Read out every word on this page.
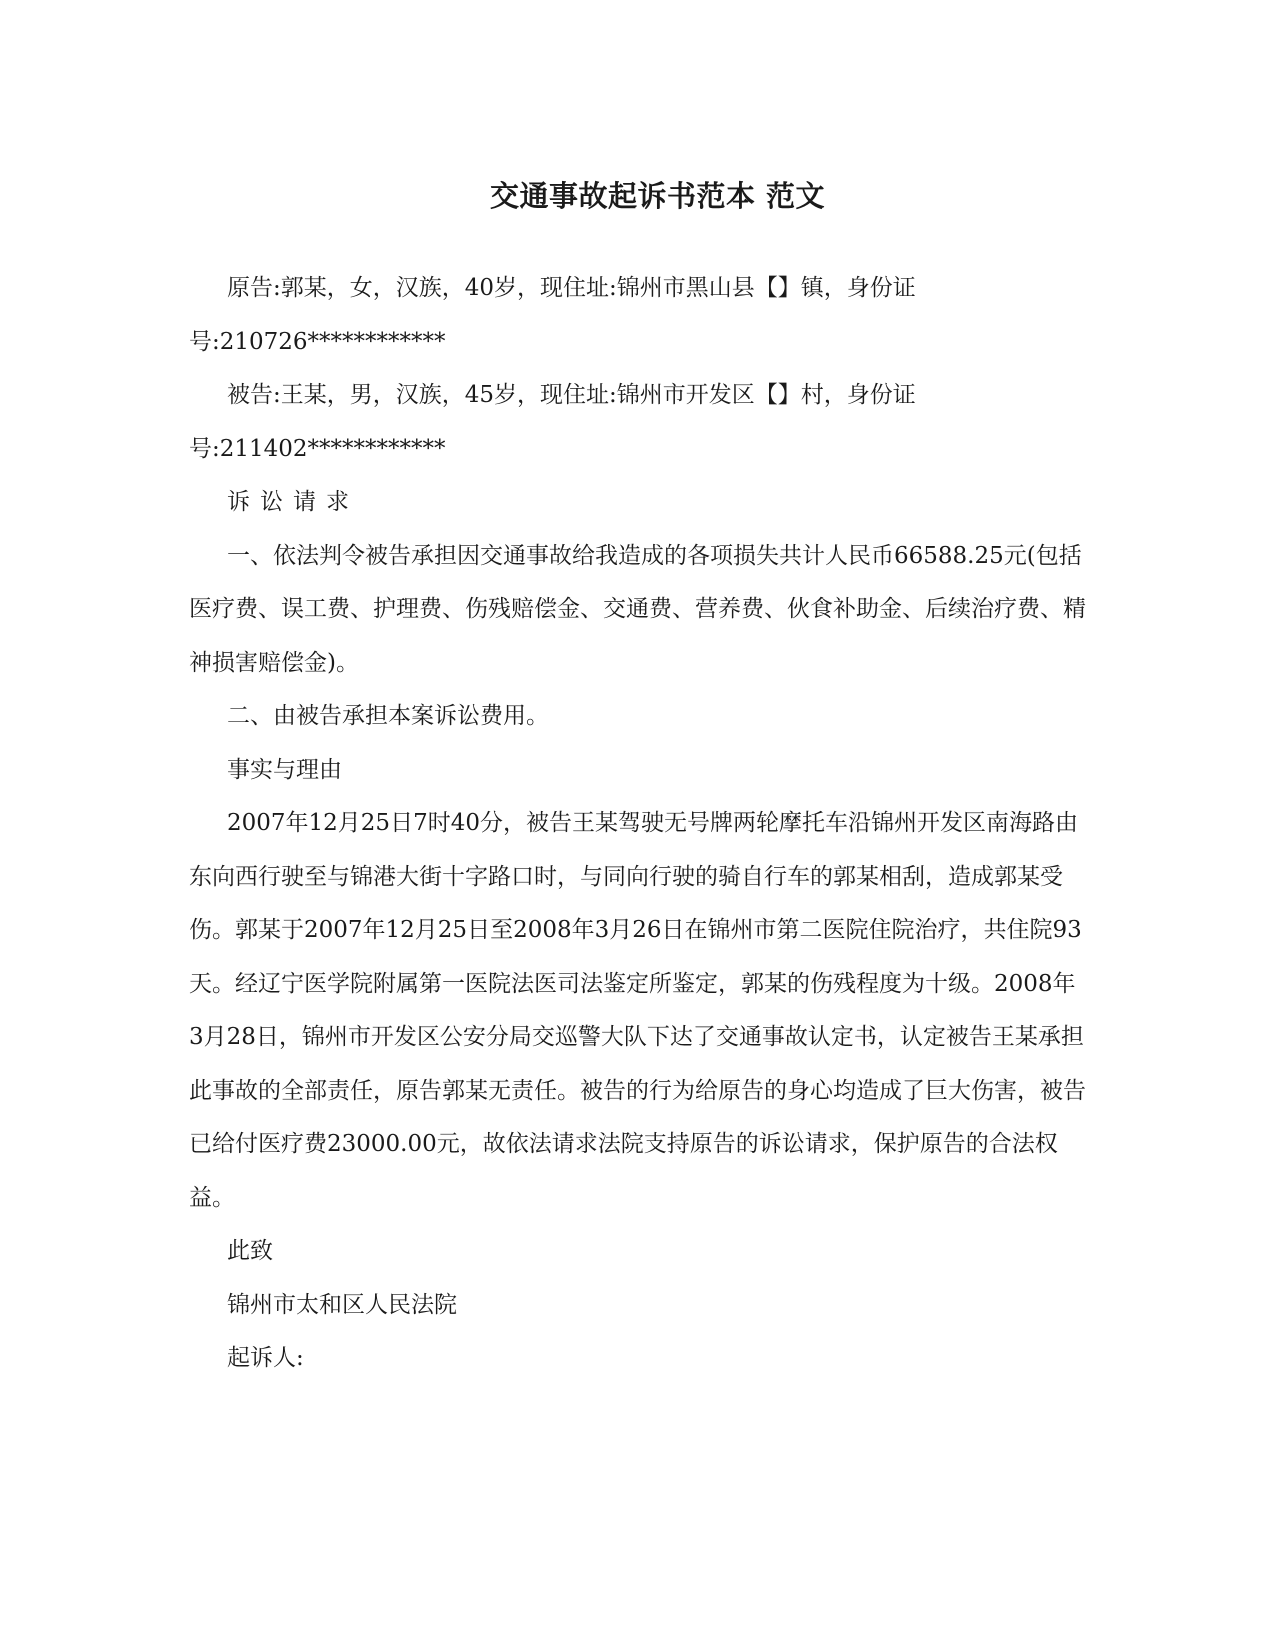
交通事故起诉书范本 范文

原告:郭某，女，汉族，40岁，现住址:锦州市黑山县【】镇，身份证

号:210726************

被告:王某，男，汉族，45岁，现住址:锦州市开发区【】村，身份证

号:211402************

诉讼请求

一、依法判令被告承担因交通事故给我造成的各项损失共计人民币66588.25元(包括医疗费、误工费、护理费、伤残赔偿金、交通费、营养费、伙食补助金、后续治疗费、精神损害赔偿金)。

二、由被告承担本案诉讼费用。

事实与理由

2007年12月25日7时40分，被告王某驾驶无号牌两轮摩托车沿锦州开发区南海路由东向西行驶至与锦港大街十字路口时，与同向行驶的骑自行车的郭某相刮，造成郭某受伤。郭某于2007年12月25日至2008年3月26日在锦州市第二医院住院治疗，共住院93天。经辽宁医学院附属第一医院法医司法鉴定所鉴定，郭某的伤残程度为十级。2008年3月28日，锦州市开发区公安分局交巡警大队下达了交通事故认定书，认定被告王某承担此事故的全部责任，原告郭某无责任。被告的行为给原告的身心均造成了巨大伤害，被告已给付医疗费23000.00元，故依法请求法院支持原告的诉讼请求，保护原告的合法权益。

此致

锦州市太和区人民法院

起诉人:
